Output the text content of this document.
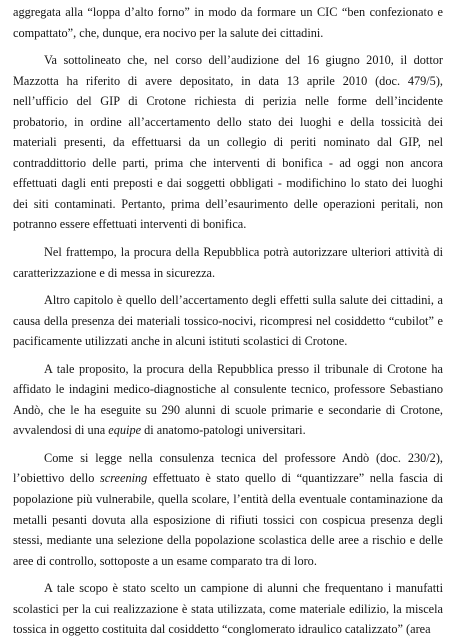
aggregata alla “loppa d’alto forno” in modo da formare un CIC “ben confezionato e compattato”, che, dunque, era nocivo per la salute dei cittadini.

Va sottolineato che, nel corso dell’audizione del 16 giugno 2010, il dottor Mazzotta ha riferito di avere depositato, in data 13 aprile 2010 (doc. 479/5), nell’ufficio del GIP di Crotone richiesta di perizia nelle forme dell’incidente probatorio, in ordine all’accertamento dello stato dei luoghi e della tossicità dei materiali presenti, da effettuarsi da un collegio di periti nominato dal GIP, nel contraddittorio delle parti, prima che interventi di bonifica - ad oggi non ancora effettuati dagli enti preposti e dai soggetti obbligati - modifichino lo stato dei luoghi dei siti contaminati. Pertanto, prima dell’esaurimento delle operazioni peritali, non potranno essere effettuati interventi di bonifica.

Nel frattempo, la procura della Repubblica potrà autorizzare ulteriori attività di caratterizzazione e di messa in sicurezza.

Altro capitolo è quello dell’accertamento degli effetti sulla salute dei cittadini, a causa della presenza dei materiali tossico-nocivi, ricompresi nel cosiddetto “cubilot” e pacificamente utilizzati anche in alcuni istituti scolastici di Crotone.

A tale proposito, la procura della Repubblica presso il tribunale di Crotone ha affidato le indagini medico-diagnostiche al consulente tecnico, professore Sebastiano Andò, che le ha eseguite su 290 alunni di scuole primarie e secondarie di Crotone, avvalendosi di una equipe di anatomo-patologi universitari.

Come si legge nella consulenza tecnica del professore Andò (doc. 230/2), l’obiettivo dello screening effettuato è stato quello di “quantizzare” nella fascia di popolazione più vulnerabile, quella scolare, l’entità della eventuale contaminazione da metalli pesanti dovuta alla esposizione di rifiuti tossici con cospicua presenza degli stessi, mediante una selezione della popolazione scolastica delle aree a rischio e delle aree di controllo, sottoposte a un esame comparato tra di loro.

A tale scopo è stato scelto un campione di alunni che frequentano i manufatti scolastici per la cui realizzazione è stata utilizzata, come materiale edilizio, la miscela tossica in oggetto costituita dal cosiddetto “conglomerato idraulico catalizzato” (area
